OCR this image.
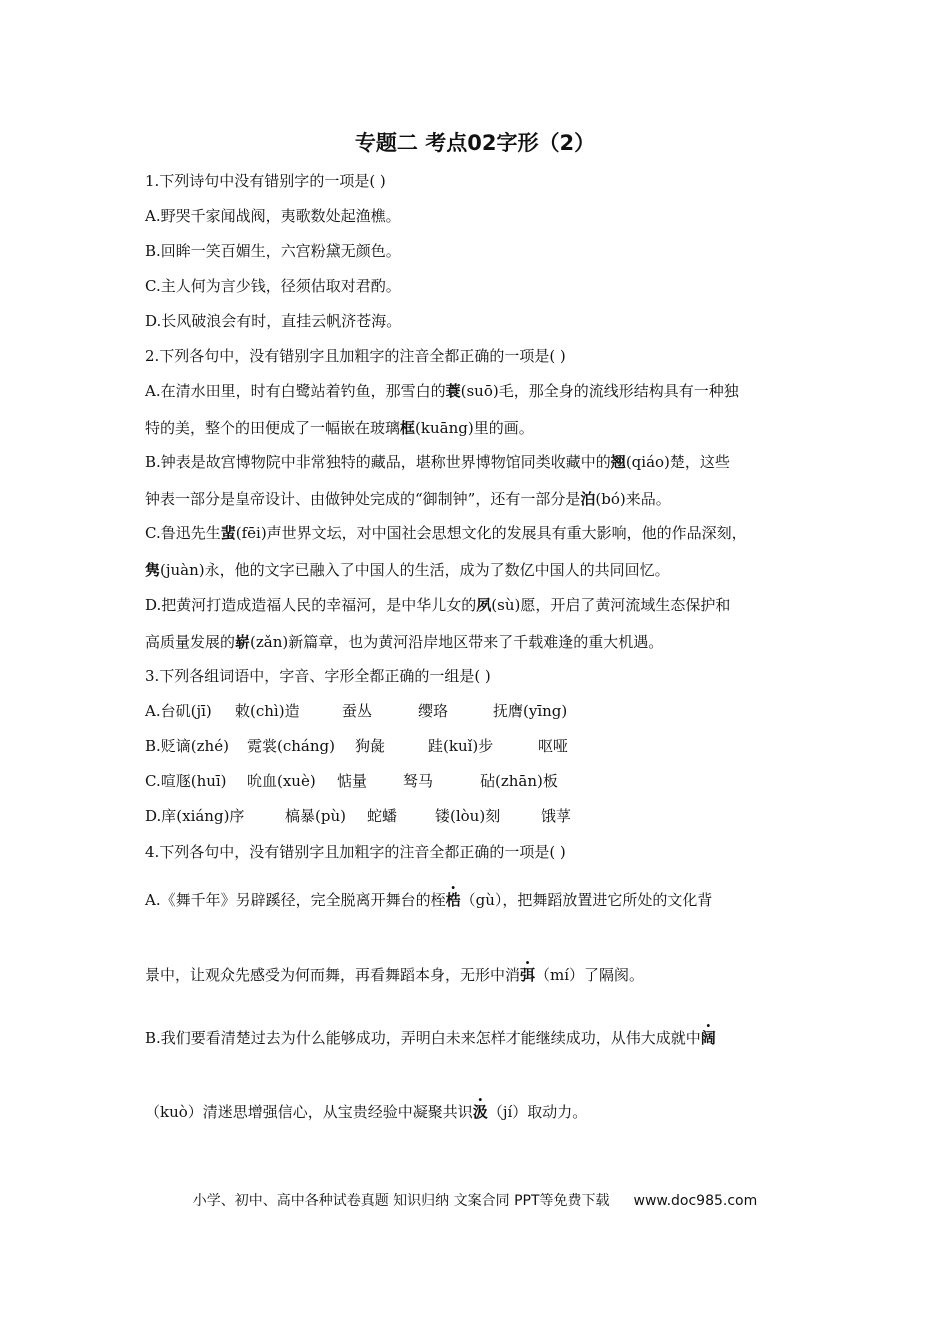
专题二 考点02字形（2）
1.下列诗句中没有错别字的一项是( )
A.野哭千家闻战阀，夷歌数处起渔樵。
B.回眸一笑百媚生，六宫粉黛无颜色。
C.主人何为言少钱，径须估取对君酌。
D.长风破浪会有时，直挂云帆济苍海。
2.下列各句中，没有错别字且加粗字的注音全都正确的一项是( )
A.在清水田里，时有白鹭站着钓鱼，那雪白的蓑(suō)毛，那全身的流线形结构具有一种独
特的美，整个的田便成了一幅嵌在玻璃框(kuāng)里的画。
B.钟表是故宫博物院中非常独特的藏品，堪称世界博物馆同类收藏中的翘(qiáo)楚，这些
钟表一部分是皇帝设计、由做钟处完成的“御制钟”，还有一部分是泊(bó)来品。
C.鲁迅先生蜚(fēi)声世界文坛，对中国社会思想文化的发展具有重大影响，他的作品深刻，
隽(juàn)永，他的文字已融入了中国人的生活，成为了数亿中国人的共同回忆。
D.把黄河打造成造福人民的幸福河，是中华儿女的夙(sù)愿，开启了黄河流域生态保护和
高质量发展的崭(zǎn)新篇章，也为黄河沿岸地区带来了千载难逢的重大机遇。
3.下列各组词语中，字音、字形全都正确的一组是( )
A.台矶(jī) 敕(chì)造	蚕丛	缨珞	抚膺(yīng)
B.贬谪(zhé) 霓裳(cháng) 狗彘	跬(kuǐ)步	呕哑
C.喧豗(huī) 吮血(xuè) 惦量 驽马	砧(zhān)板
D.庠(xiáng)序	槁暴(pù) 蛇蟠	镂(lòu)刻	饿莩
4.下列各句中，没有错别字且加粗字的注音全都正确的一项是( )
A.《舞千年》另辟蹊径，完全脱离开舞台的桎梏（gù），把舞蹈放置进它所处的文化背
景中，让观众先感受为何而舞，再看舞蹈本身，无形中消弭（mí）了隔阂。
B.我们要看清楚过去为什么能够成功，弄明白未来怎样才能继续成功，从伟大成就中阔
（kuò）清迷思增强信心，从宝贵经验中凝聚共识汲（jí）取动力。
小学、初中、高中各种试卷真题 知识归纳 文案合同 PPT等免费下载 www.doc985.com
